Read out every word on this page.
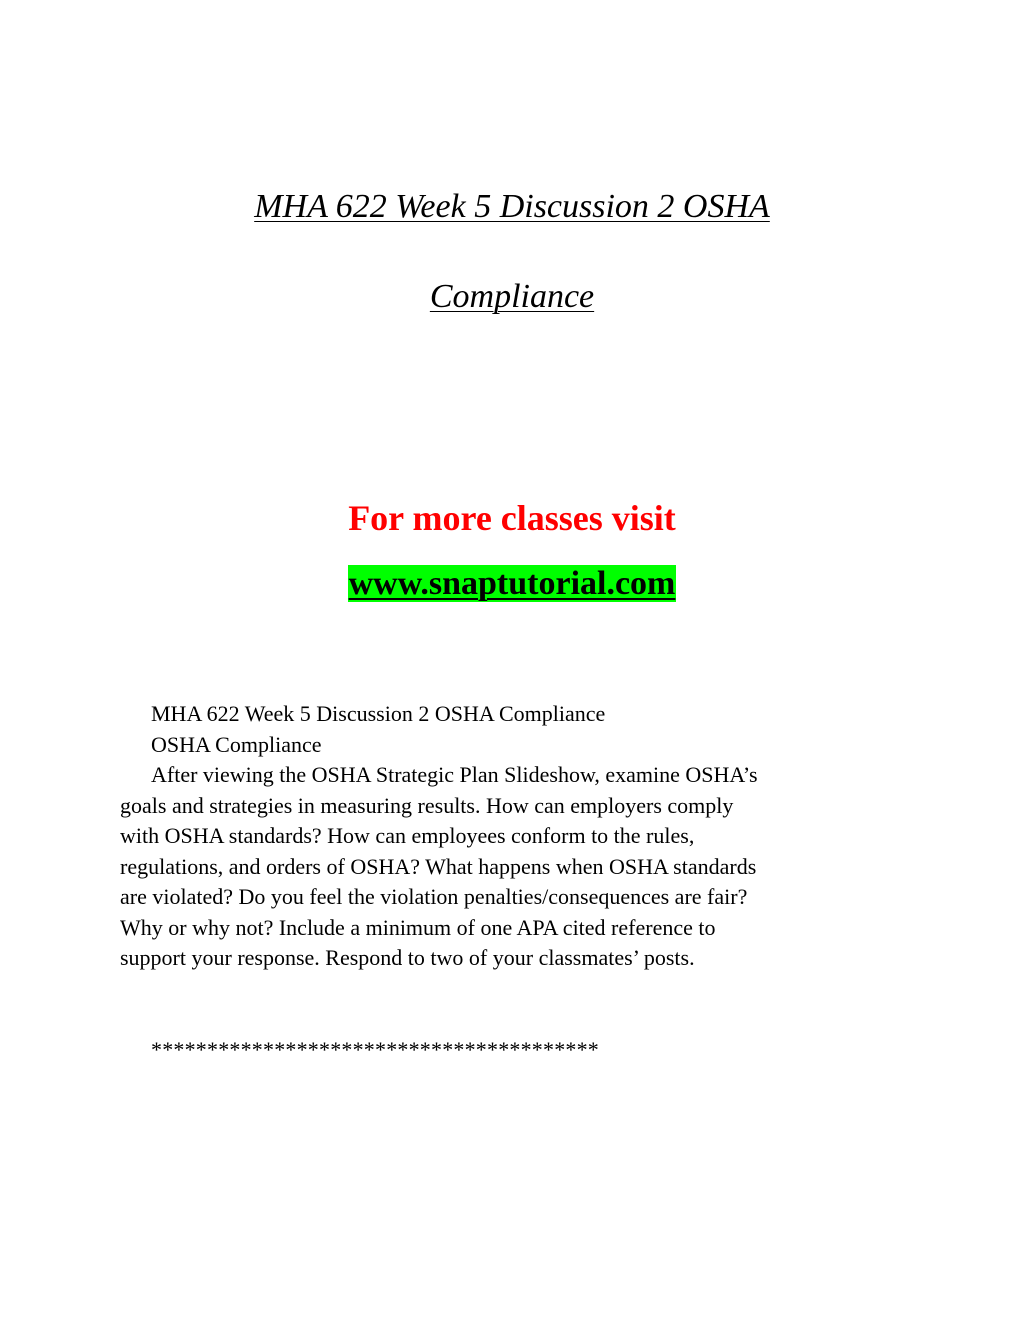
MHA 622 Week 5 Discussion 2 OSHA
Compliance

For more classes visit

www.snaptutorial.com

MHA 622 Week 5 Discussion 2 OSHA Compliance

OSHA Compliance

After viewing the OSHA Strategic Plan Slideshow, examine OSHA’s

goals and strategies in measuring results. How can employers comply

with OSHA standards? How can employees conform to the rules,

regulations, and orders of OSHA? What happens when OSHA standards

are violated? Do you feel the violation penalties/consequences are fair?

Why or why not? Include a minimum of one APA cited reference to

support your response. Respond to two of your classmates’ posts.

****************************************
